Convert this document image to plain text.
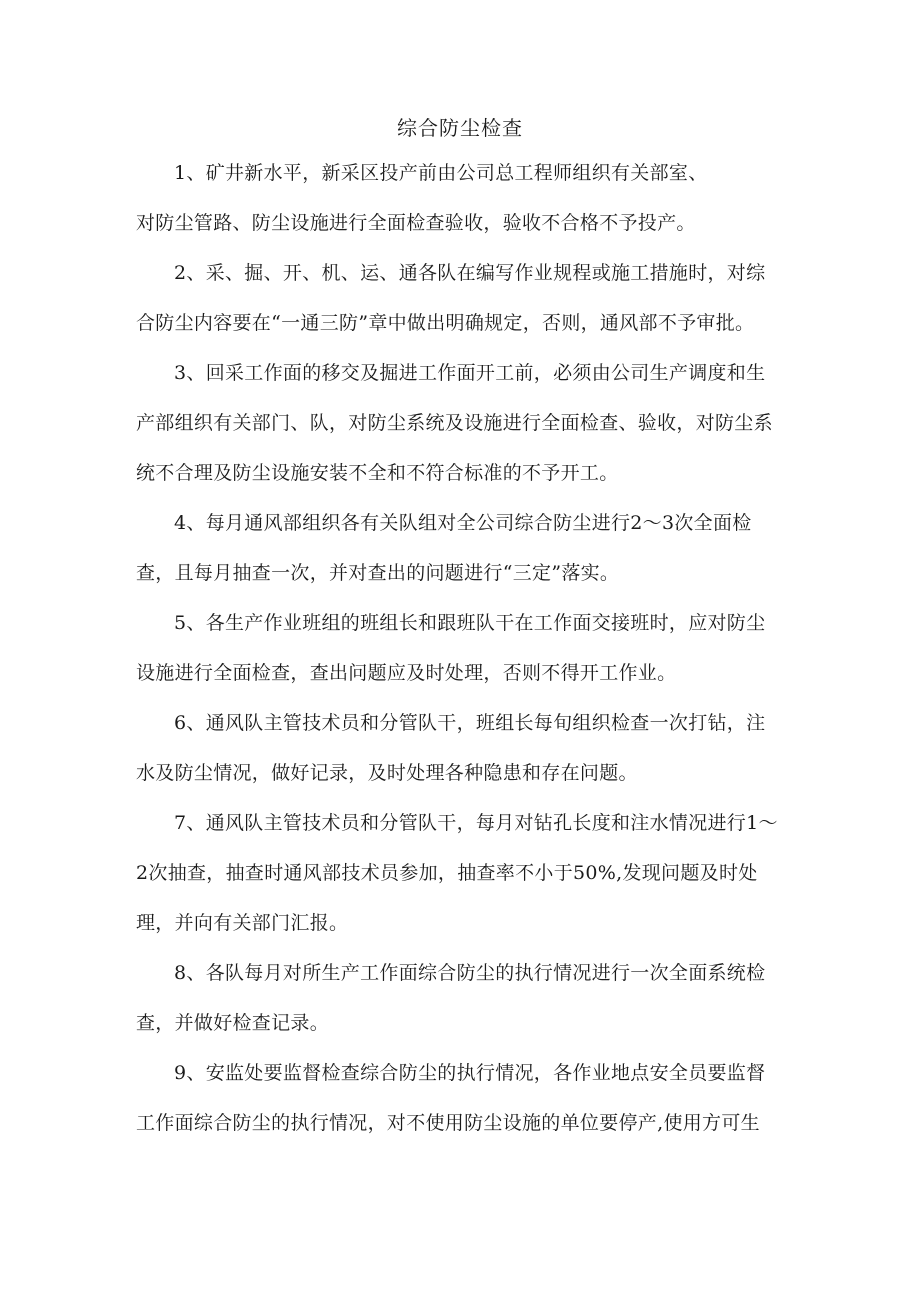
综合防尘检查
1、矿井新水平，新采区投产前由公司总工程师组织有关部室、
对防尘管路、防尘设施进行全面检查验收，验收不合格不予投产。
2、采、掘、开、机、运、通各队在编写作业规程或施工措施时，对综
合防尘内容要在“一通三防”章中做出明确规定，否则，通风部不予审批。
3、回采工作面的移交及掘进工作面开工前，必须由公司生产调度和生
产部组织有关部门、队，对防尘系统及设施进行全面检查、验收，对防尘系
统不合理及防尘设施安装不全和不符合标准的不予开工。
4、每月通风部组织各有关队组对全公司综合防尘进行2〜3次全面检
查，且每月抽查一次，并对查出的问题进行“三定”落实。
5、各生产作业班组的班组长和跟班队干在工作面交接班时，应对防尘
设施进行全面检查，查出问题应及时处理，否则不得开工作业。
6、通风队主管技术员和分管队干，班组长每旬组织检查一次打钻，注
水及防尘情况，做好记录，及时处理各种隐患和存在问题。
7、通风队主管技术员和分管队干，每月对钻孔长度和注水情况进行1〜
2次抽查，抽查时通风部技术员参加，抽查率不小于50%,发现问题及时处
理，并向有关部门汇报。
8、各队每月对所生产工作面综合防尘的执行情况进行一次全面系统检
查，并做好检查记录。
9、安监处要监督检查综合防尘的执行情况，各作业地点安全员要监督
工作面综合防尘的执行情况，对不使用防尘设施的单位要停产,使用方可生
